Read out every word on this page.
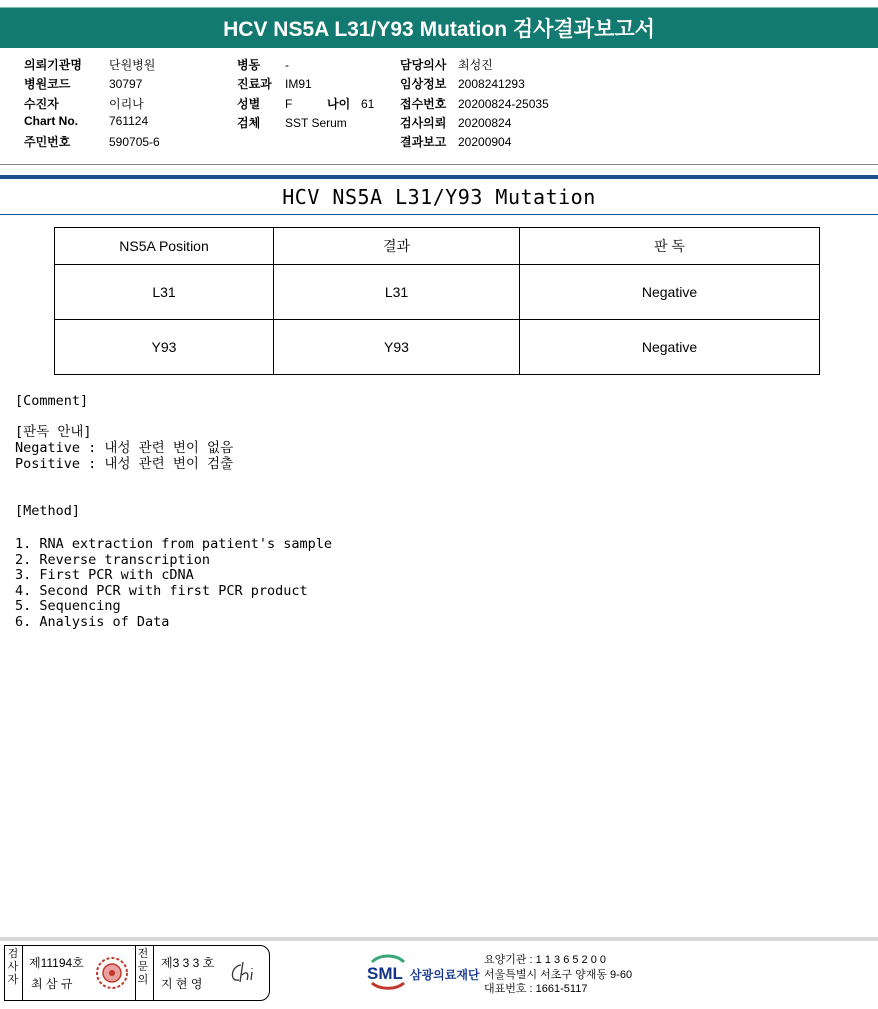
HCV NS5A L31/Y93 Mutation 검사결과보고서
의뢰기관명 단원병원
병원코드	30797
수진자	이리나
Chart No.	761124
주민번호	590705-6
병동 -
진료과 IM91
성별 F	나이 61
검체 SST Serum
담당의사 최성진
임상정보 2008241293
접수번호 20200824-25035
검사의뢰 20200824
결과보고 20200904
HCV NS5A L31/Y93 Mutation
NS5A Position	결과	판 독
L31	L31	Negative
Y93	Y93	Negative
[Comment]
[판독 안내]
Negative : 내성 관련 변이 없음
Positive : 내성 관련 변이 검출
[Method]
1. RNA extraction from patient's sample
2. Reverse transcription
3. First PCR with cDNA
4. Second PCR with first PCR product
5. Sequencing
6. Analysis of Data
검사자
제11194호
최 삼 규
전문의
제3 3 3 호
지 현 영
SML 삼광의료재단
요양기관 : 1 1 3 6 5 2 0 0
서울특별시 서초구 양재동 9-60
대표번호 : 1661-5117
